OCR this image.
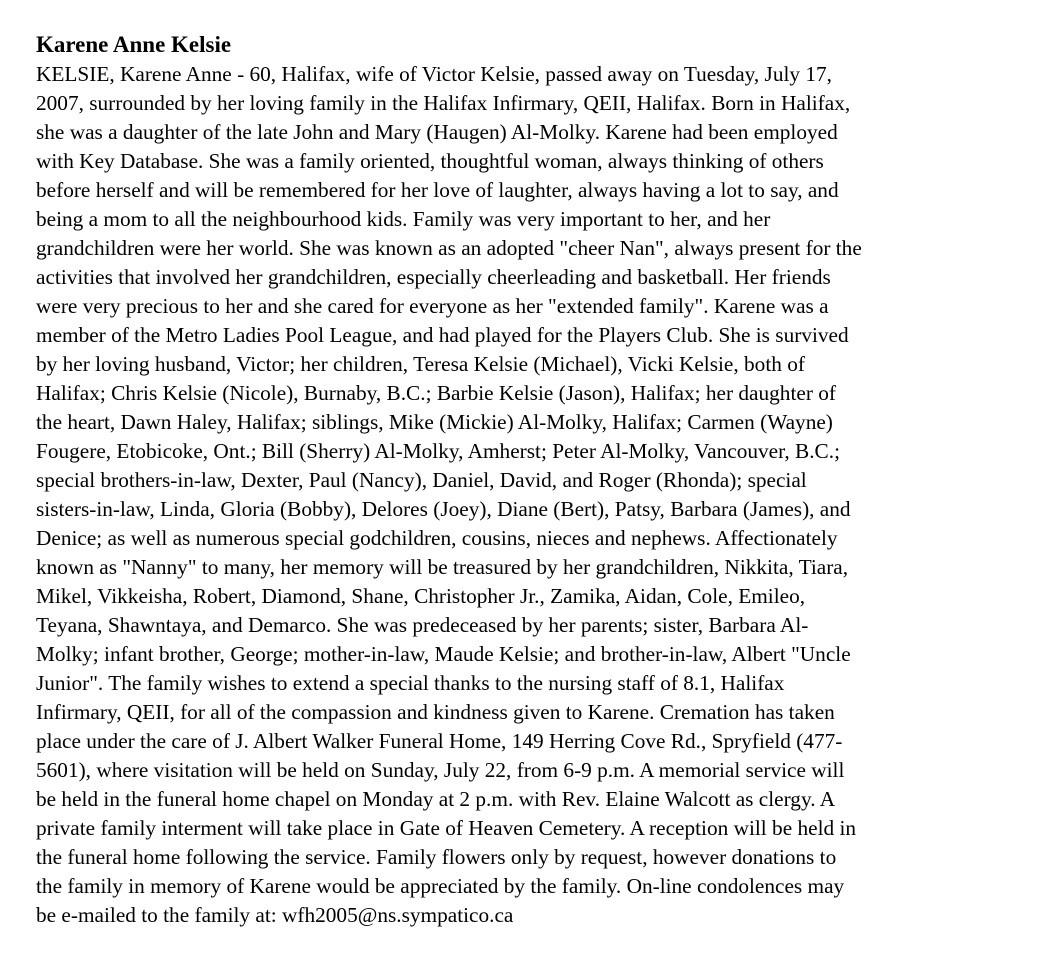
Karene Anne Kelsie
KELSIE, Karene Anne - 60, Halifax, wife of Victor Kelsie, passed away on Tuesday, July 17,
2007, surrounded by her loving family in the Halifax Infirmary, QEII, Halifax. Born in Halifax,
she was a daughter of the late John and Mary (Haugen) Al-Molky. Karene had been employed
with Key Database. She was a family oriented, thoughtful woman, always thinking of others
before herself and will be remembered for her love of laughter, always having a lot to say, and
being a mom to all the neighbourhood kids. Family was very important to her, and her
grandchildren were her world. She was known as an adopted "cheer Nan", always present for the
activities that involved her grandchildren, especially cheerleading and basketball. Her friends
were very precious to her and she cared for everyone as her "extended family". Karene was a
member of the Metro Ladies Pool League, and had played for the Players Club. She is survived
by her loving husband, Victor; her children, Teresa Kelsie (Michael), Vicki Kelsie, both of
Halifax; Chris Kelsie (Nicole), Burnaby, B.C.; Barbie Kelsie (Jason), Halifax; her daughter of
the heart, Dawn Haley, Halifax; siblings, Mike (Mickie) Al-Molky, Halifax; Carmen (Wayne)
Fougere, Etobicoke, Ont.; Bill (Sherry) Al-Molky, Amherst; Peter Al-Molky, Vancouver, B.C.;
special brothers-in-law, Dexter, Paul (Nancy), Daniel, David, and Roger (Rhonda); special
sisters-in-law, Linda, Gloria (Bobby), Delores (Joey), Diane (Bert), Patsy, Barbara (James), and
Denice; as well as numerous special godchildren, cousins, nieces and nephews. Affectionately
known as "Nanny" to many, her memory will be treasured by her grandchildren, Nikkita, Tiara,
Mikel, Vikkeisha, Robert, Diamond, Shane, Christopher Jr., Zamika, Aidan, Cole, Emileo,
Teyana, Shawntaya, and Demarco. She was predeceased by her parents; sister, Barbara Al-
Molky; infant brother, George; mother-in-law, Maude Kelsie; and brother-in-law, Albert "Uncle
Junior". The family wishes to extend a special thanks to the nursing staff of 8.1, Halifax
Infirmary, QEII, for all of the compassion and kindness given to Karene. Cremation has taken
place under the care of J. Albert Walker Funeral Home, 149 Herring Cove Rd., Spryfield (477-
5601), where visitation will be held on Sunday, July 22, from 6-9 p.m. A memorial service will
be held in the funeral home chapel on Monday at 2 p.m. with Rev. Elaine Walcott as clergy. A
private family interment will take place in Gate of Heaven Cemetery. A reception will be held in
the funeral home following the service. Family flowers only by request, however donations to
the family in memory of Karene would be appreciated by the family. On-line condolences may
be e-mailed to the family at: wfh2005@ns.sympatico.ca
